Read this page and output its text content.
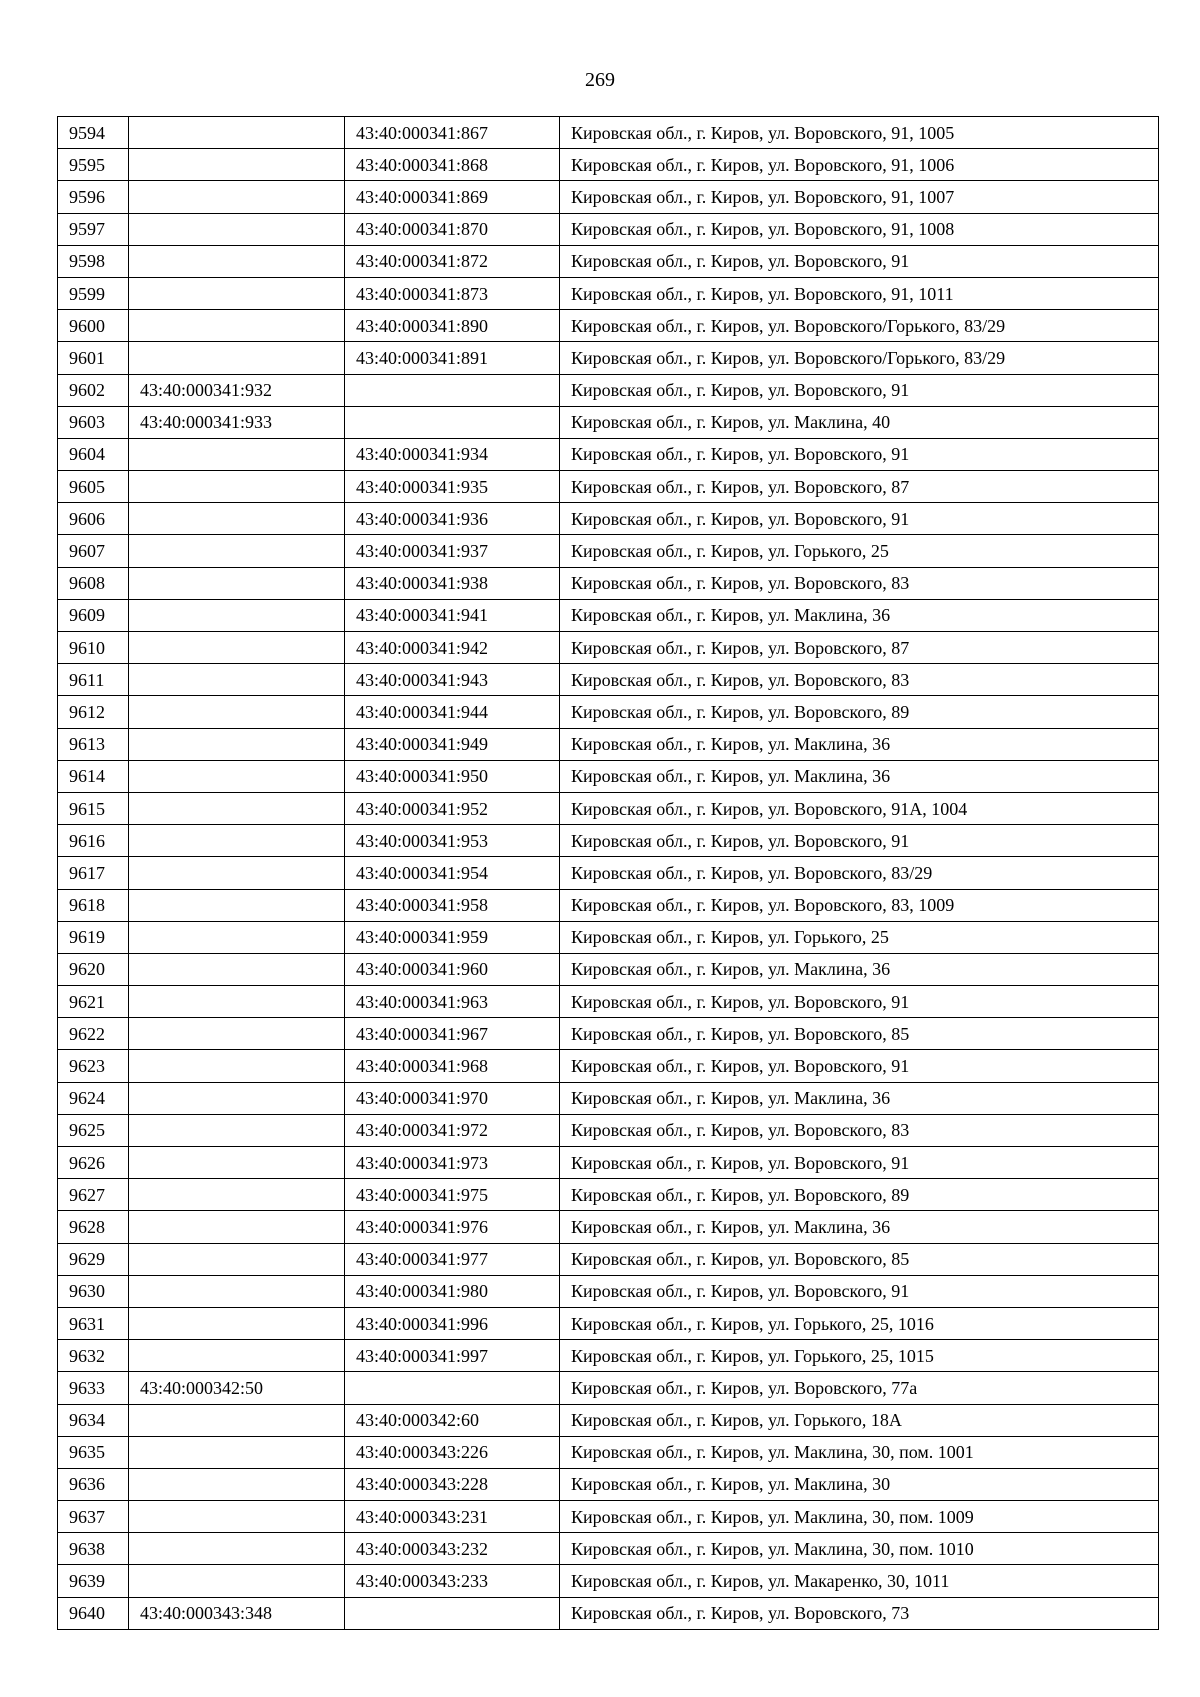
269
9594		43:40:000341:867	Кировская обл., г. Киров, ул. Воровского, 91, 1005
9595		43:40:000341:868	Кировская обл., г. Киров, ул. Воровского, 91, 1006
9596		43:40:000341:869	Кировская обл., г. Киров, ул. Воровского, 91, 1007
9597		43:40:000341:870	Кировская обл., г. Киров, ул. Воровского, 91, 1008
9598		43:40:000341:872	Кировская обл., г. Киров, ул. Воровского, 91
9599		43:40:000341:873	Кировская обл., г. Киров, ул. Воровского, 91, 1011
9600		43:40:000341:890	Кировская обл., г. Киров, ул. Воровского/Горького, 83/29
9601		43:40:000341:891	Кировская обл., г. Киров, ул. Воровского/Горького, 83/29
9602	43:40:000341:932		Кировская обл., г. Киров, ул. Воровского, 91
9603	43:40:000341:933		Кировская обл., г. Киров, ул. Маклина, 40
9604		43:40:000341:934	Кировская обл., г. Киров, ул. Воровского, 91
9605		43:40:000341:935	Кировская обл., г. Киров, ул. Воровского, 87
9606		43:40:000341:936	Кировская обл., г. Киров, ул. Воровского, 91
9607		43:40:000341:937	Кировская обл., г. Киров, ул. Горького, 25
9608		43:40:000341:938	Кировская обл., г. Киров, ул. Воровского, 83
9609		43:40:000341:941	Кировская обл., г. Киров, ул. Маклина, 36
9610		43:40:000341:942	Кировская обл., г. Киров, ул. Воровского, 87
9611		43:40:000341:943	Кировская обл., г. Киров, ул. Воровского, 83
9612		43:40:000341:944	Кировская обл., г. Киров, ул. Воровского, 89
9613		43:40:000341:949	Кировская обл., г. Киров, ул. Маклина, 36
9614		43:40:000341:950	Кировская обл., г. Киров, ул. Маклина, 36
9615		43:40:000341:952	Кировская обл., г. Киров, ул. Воровского, 91А, 1004
9616		43:40:000341:953	Кировская обл., г. Киров, ул. Воровского, 91
9617		43:40:000341:954	Кировская обл., г. Киров, ул. Воровского, 83/29
9618		43:40:000341:958	Кировская обл., г. Киров, ул. Воровского, 83, 1009
9619		43:40:000341:959	Кировская обл., г. Киров, ул. Горького, 25
9620		43:40:000341:960	Кировская обл., г. Киров, ул. Маклина, 36
9621		43:40:000341:963	Кировская обл., г. Киров, ул. Воровского, 91
9622		43:40:000341:967	Кировская обл., г. Киров, ул. Воровского, 85
9623		43:40:000341:968	Кировская обл., г. Киров, ул. Воровского, 91
9624		43:40:000341:970	Кировская обл., г. Киров, ул. Маклина, 36
9625		43:40:000341:972	Кировская обл., г. Киров, ул. Воровского, 83
9626		43:40:000341:973	Кировская обл., г. Киров, ул. Воровского, 91
9627		43:40:000341:975	Кировская обл., г. Киров, ул. Воровского, 89
9628		43:40:000341:976	Кировская обл., г. Киров, ул. Маклина, 36
9629		43:40:000341:977	Кировская обл., г. Киров, ул. Воровского, 85
9630		43:40:000341:980	Кировская обл., г. Киров, ул. Воровского, 91
9631		43:40:000341:996	Кировская обл., г. Киров, ул. Горького, 25, 1016
9632		43:40:000341:997	Кировская обл., г. Киров, ул. Горького, 25, 1015
9633	43:40:000342:50		Кировская обл., г. Киров, ул. Воровского, 77а
9634		43:40:000342:60	Кировская обл., г. Киров, ул. Горького, 18А
9635		43:40:000343:226	Кировская обл., г. Киров, ул. Маклина, 30, пом. 1001
9636		43:40:000343:228	Кировская обл., г. Киров, ул. Маклина, 30
9637		43:40:000343:231	Кировская обл., г. Киров, ул. Маклина, 30, пом. 1009
9638		43:40:000343:232	Кировская обл., г. Киров, ул. Маклина, 30, пом. 1010
9639		43:40:000343:233	Кировская обл., г. Киров, ул. Макаренко, 30, 1011
9640	43:40:000343:348		Кировская обл., г. Киров, ул. Воровского, 73
